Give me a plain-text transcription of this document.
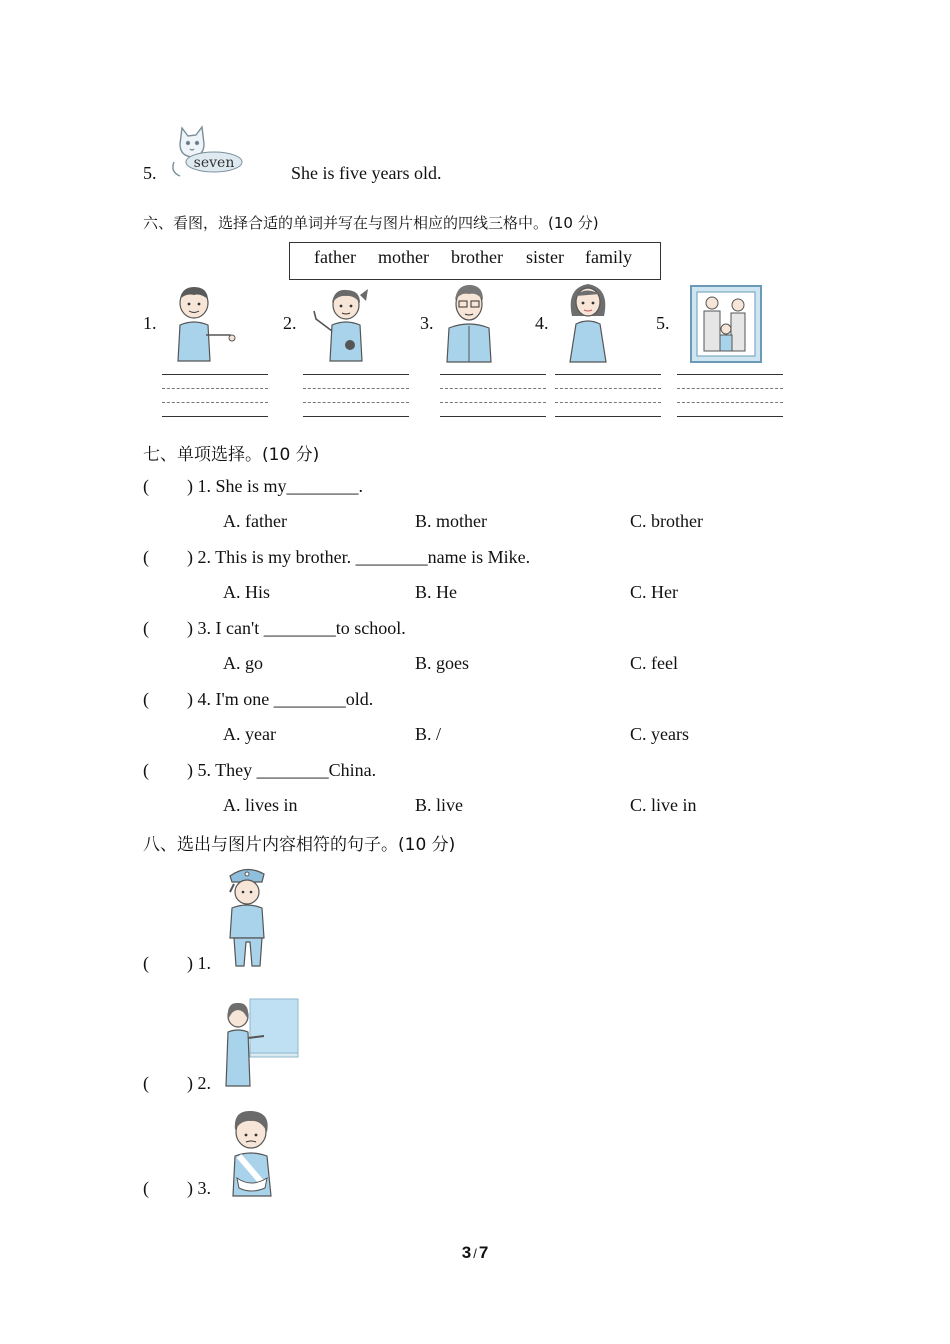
5.	seven	She is five years old.
六、看图，选择合适的单词并写在与图片相应的四线三格中。(10 分)
father mother brother sister family
1.	2.	3.	4.	5.
七、单项选择。(10 分)
( ) 1. She is my________.
A. father	B. mother	C. brother
( ) 2. This is my brother. ________name is Mike.
A. His	B. He	C. Her
( ) 3. I can't ________to school.
A. go	B. goes	C. feel
( ) 4. I'm one ________old.
A. year	B. /	C. years
( ) 5. They ________China.
A. lives in	B. live	C. live in
八、选出与图片内容相符的句子。(10 分)
( ) 1.
( ) 2.
( ) 3.
3 / 7
